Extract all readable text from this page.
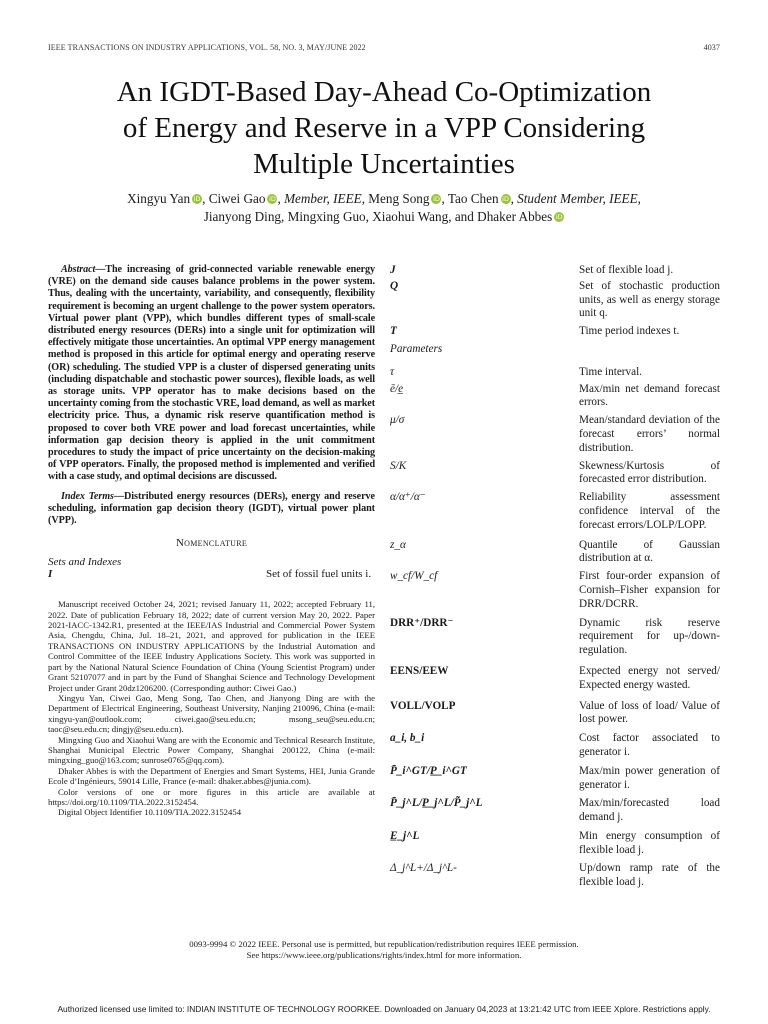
IEEE TRANSACTIONS ON INDUSTRY APPLICATIONS, VOL. 58, NO. 3, MAY/JUNE 2022	4037
An IGDT-Based Day-Ahead Co-Optimization
of Energy and Reserve in a VPP Considering
Multiple Uncertainties
Xingyu Yan iD , Ciwei Gao iD , Member, IEEE, Meng Song iD , Tao Chen iD , Student Member, IEEE,
Jianyong Ding, Mingxing Guo, Xiaohui Wang, and Dhaker Abbes iD

Abstract—The increasing of grid-connected variable renewable energy (VRE) on the demand side causes balance problems in the power system. Thus, dealing with the uncertainty, variability, and consequently, flexibility requirement is becoming an urgent challenge to the power system operators. Virtual power plant (VPP), which bundles different types of small-scale distributed energy resources (DERs) into a single unit for optimization will effectively mitigate those uncertainties. An optimal VPP energy management method is proposed in this article for optimal energy and operating reserve (OR) scheduling. The studied VPP is a cluster of dispersed generating units (including dispatchable and stochastic power sources), flexible loads, as well as storage units. VPP operator has to make decisions based on the uncertainty coming from the stochastic VRE, load demand, as well as market electricity price. Thus, a dynamic risk reserve quantification method is proposed to cover both VRE power and load forecast uncertainties, while information gap decision theory is applied in the unit commitment procedures to study the impact of price uncertainty on the decision-making of VPP operators. Finally, the proposed method is implemented and verified with a case study, and optimal decisions are discussed.

Index Terms—Distributed energy resources (DERs), energy and reserve scheduling, information gap decision theory (IGDT), virtual power plant (VPP).

Nomenclature
Sets and Indexes
I	Set of fossil fuel units i.

Manuscript received October 24, 2021; revised January 11, 2022; accepted February 11, 2022. Date of publication February 18, 2022; date of current version May 20, 2022. Paper 2021-IACC-1342.R1, presented at the IEEE/IAS Industrial and Commercial Power System Asia, Chengdu, China, Jul. 18–21, 2021, and approved for publication in the IEEE TRANSACTIONS ON INDUSTRY APPLICATIONS by the Industrial Automation and Control Committee of the IEEE Industry Applications Society. This work was supported in part by the National Natural Science Foundation of China (Young Scientist Program) under Grant 52107077 and in part by the Fund of Shanghai Science and Technology Development Project under Grant 20dz1206200. (Corresponding author: Ciwei Gao.)

Xingyu Yan, Ciwei Gao, Meng Song, Tao Chen, and Jianyong Ding are with the Department of Electrical Engineering, Southeast University, Nanjing 210096, China (e-mail: xingyu-yan@outlook.com; ciwei.gao@seu.edu.cn; msong_seu@seu.edu.cn; taoc@seu.edu.cn; dingjy@seu.edu.cn).

Mingxing Guo and Xiaohui Wang are with the Economic and Technical Research Institute, Shanghai Municipal Electric Power Company, Shanghai 200122, China (e-mail: mingxing_guo@163.com; sunrose0765@qq.com).

Dhaker Abbes is with the Department of Energies and Smart Systems, HEI, Junia Grande Ecole d’Ingénieurs, 59014 Lille, France (e-mail: dhaker.abbes@junia.com).

Color versions of one or more figures in this article are available at https://doi.org/10.1109/TIA.2022.3152454.

Digital Object Identifier 10.1109/TIA.2022.3152454

J	Set of flexible load j.
Q	Set of stochastic production units, as well as energy storage unit q.
T	Time period indexes t.
Parameters
τ	Time interval.
ē/e̲	Max/min net demand forecast errors.
μ/σ	Mean/standard deviation of the forecast errors’ normal distribution.
S/K	Skewness/Kurtosis of forecasted error distribution.
α/α⁺/α⁻	Reliability assessment confidence interval of the forecast errors/LOLP/LOPP.
z_α	Quantile of Gaussian distribution at α.
w_cf/W_cf	First four-order expansion of Cornish–Fisher expansion for DRR/DCRR.
DRR⁺/DRR⁻	Dynamic risk reserve requirement for up-/down-regulation.
EENS/EEW	Expected energy not served/ Expected energy wasted.
VOLL/VOLP	Value of loss of load/ Value of lost power.
a_i, b_i	Cost factor associated to generator i.
P̄_i^GT/P̲_i^GT	Max/min power generation of generator i.
P̄_j^L/P̲_j^L/P̃_j^L	Max/min/forecasted load demand j.
E̲_j^L	Min energy consumption of flexible load j.
Δ_j^L+/Δ_j^L-	Up/down ramp rate of the flexible load j.
0093-9994 © 2022 IEEE. Personal use is permitted, but republication/redistribution requires IEEE permission.
See https://www.ieee.org/publications/rights/index.html for more information.
Authorized licensed use limited to: INDIAN INSTITUTE OF TECHNOLOGY ROORKEE. Downloaded on January 04,2023 at 13:21:42 UTC from IEEE Xplore. Restrictions apply.
